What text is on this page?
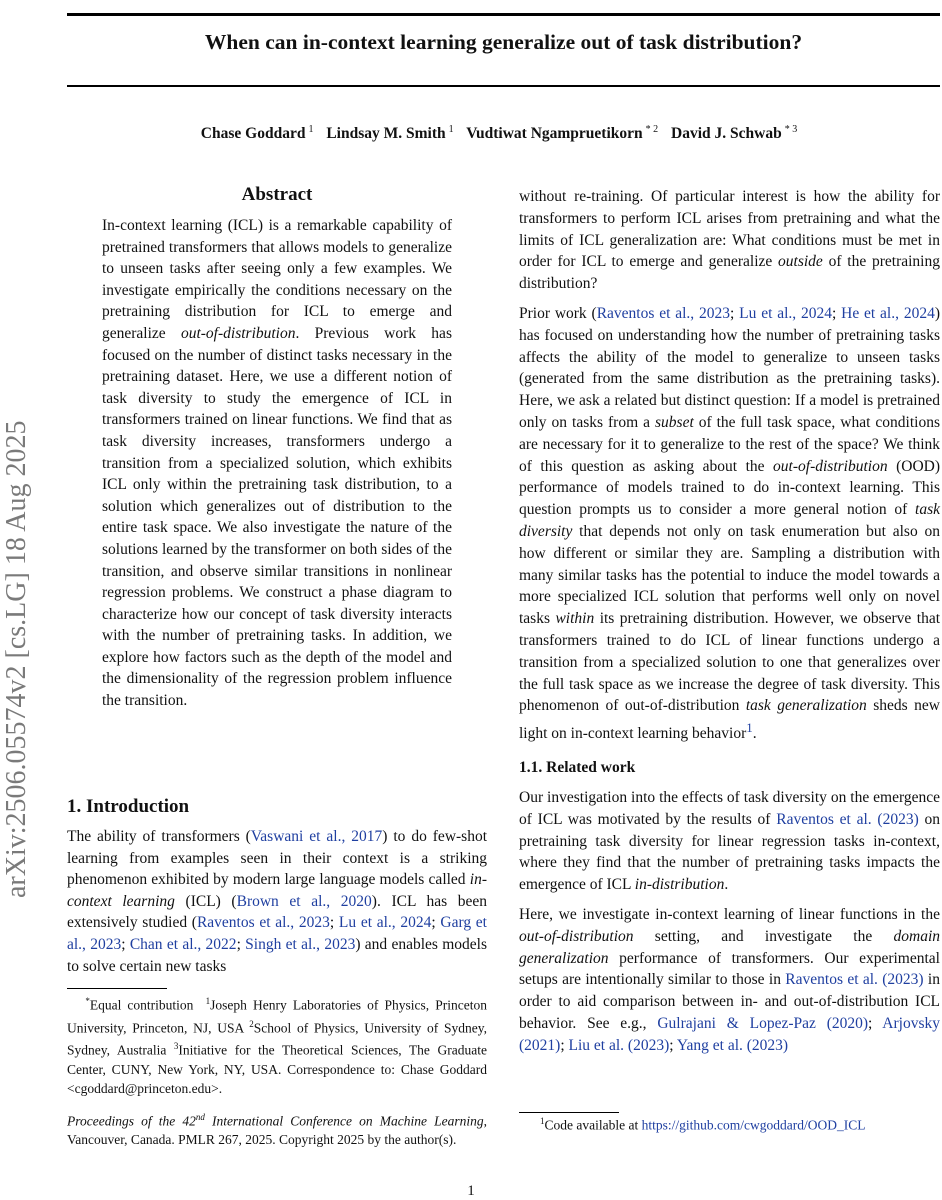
arXiv:2506.05574v2 [cs.LG] 18 Aug 2025
When can in-context learning generalize out of task distribution?
Chase Goddard $^1$ Lindsay M. Smith $^1$ Vudtiwat Ngampruetikorn $^{* 2}$ David J. Schwab $^{* 3}$
Abstract

In-context learning (ICL) is a remarkable capability of pretrained transformers that allows models to generalize to unseen tasks after seeing only a few examples. We investigate empirically the conditions necessary on the pretraining distribution for ICL to emerge and generalize out-of-distribution. Previous work has focused on the number of distinct tasks necessary in the pretraining dataset. Here, we use a different notion of task diversity to study the emergence of ICL in transformers trained on linear functions. We find that as task diversity increases, transformers undergo a transition from a specialized solution, which exhibits ICL only within the pretraining task distribution, to a solution which generalizes out of distribution to the entire task space. We also investigate the nature of the solutions learned by the transformer on both sides of the transition, and observe similar transitions in nonlinear regression problems. We construct a phase diagram to characterize how our concept of task diversity interacts with the number of pretraining tasks. In addition, we explore how factors such as the depth of the model and the dimensionality of the regression problem influence the transition.

1. Introduction

The ability of transformers (Vaswani et al., 2017) to do few-shot learning from examples seen in their context is a striking phenomenon exhibited by modern large language models called in-context learning (ICL) (Brown et al., 2020). ICL has been extensively studied (Raventos et al., 2023; Lu et al., 2024; Garg et al., 2023; Chan et al., 2022; Singh et al., 2023) and enables models to solve certain new tasks

*Equal contribution  $^1$Joseph Henry Laboratories of Physics, Princeton University, Princeton, NJ, USA $^2$School of Physics, University of Sydney, Sydney, Australia $^3$Initiative for the Theoretical Sciences, The Graduate Center, CUNY, New York, NY, USA. Correspondence to: Chase Goddard <cgoddard@princeton.edu>.

Proceedings of the 42nd International Conference on Machine Learning, Vancouver, Canada. PMLR 267, 2025. Copyright 2025 by the author(s).

without re-training. Of particular interest is how the ability for transformers to perform ICL arises from pretraining and what the limits of ICL generalization are: What conditions must be met in order for ICL to emerge and generalize outside of the pretraining distribution?

Prior work (Raventos et al., 2023; Lu et al., 2024; He et al., 2024) has focused on understanding how the number of pretraining tasks affects the ability of the model to generalize to unseen tasks (generated from the same distribution as the pretraining tasks). Here, we ask a related but distinct question: If a model is pretrained only on tasks from a subset of the full task space, what conditions are necessary for it to generalize to the rest of the space? We think of this question as asking about the out-of-distribution (OOD) performance of models trained to do in-context learning. This question prompts us to consider a more general notion of task diversity that depends not only on task enumeration but also on how different or similar they are. Sampling a distribution with many similar tasks has the potential to induce the model towards a more specialized ICL solution that performs well only on novel tasks within its pretraining distribution. However, we observe that transformers trained to do ICL of linear functions undergo a transition from a specialized solution to one that generalizes over the full task space as we increase the degree of task diversity. This phenomenon of out-of-distribution task generalization sheds new light on in-context learning behavior$^1$.

1.1. Related work

Our investigation into the effects of task diversity on the emergence of ICL was motivated by the results of Raventos et al. (2023) on pretraining task diversity for linear regression tasks in-context, where they find that the number of pretraining tasks impacts the emergence of ICL in-distribution.

Here, we investigate in-context learning of linear functions in the out-of-distribution setting, and investigate the domain generalization performance of transformers. Our experimental setups are intentionally similar to those in Raventos et al. (2023) in order to aid comparison between in- and out-of-distribution ICL behavior. See e.g., Gulrajani & Lopez-Paz (2020); Arjovsky (2021); Liu et al. (2023); Yang et al. (2023)

$^1$Code available at https://github.com/cwgoddard/OOD_ICL
1
